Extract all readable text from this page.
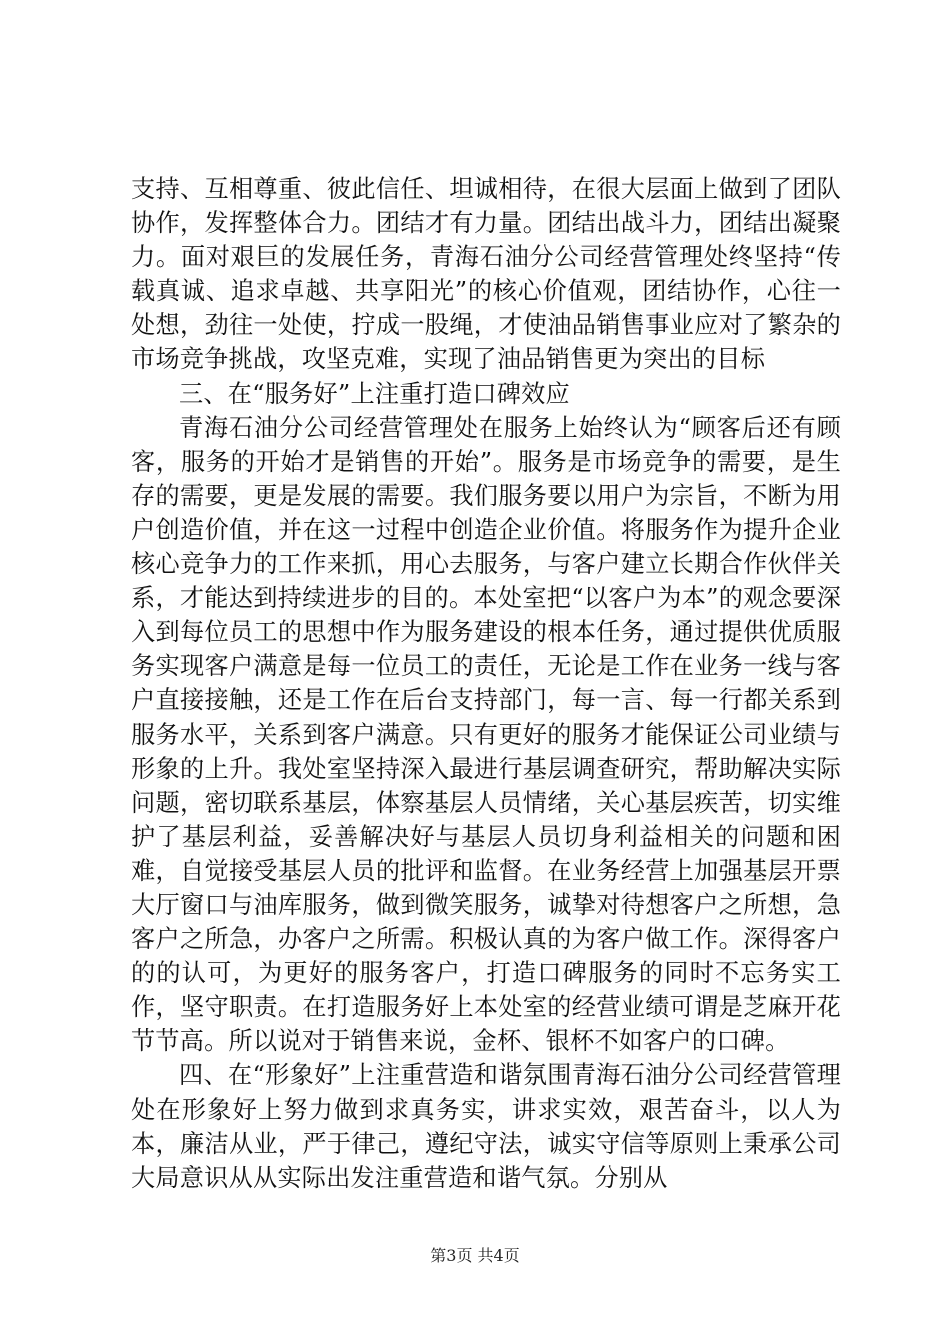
支持、互相尊重、彼此信任、坦诚相待，在很大层面上做到了团队协作，发挥整体合力。团结才有力量。团结出战斗力，团结出凝聚力。面对艰巨的发展任务，青海石油分公司经营管理处终坚持“传载真诚、追求卓越、共享阳光”的核心价值观，团结协作，心往一处想，劲往一处使，拧成一股绳，才使油品销售事业应对了繁杂的市场竞争挑战，攻坚克难，实现了油品销售更为突出的目标

三、在“服务好”上注重打造口碑效应

青海石油分公司经营管理处在服务上始终认为“顾客后还有顾客，服务的开始才是销售的开始”。服务是市场竞争的需要，是生存的需要，更是发展的需要。我们服务要以用户为宗旨，不断为用户创造价值，并在这一过程中创造企业价值。将服务作为提升企业核心竞争力的工作来抓，用心去服务，与客户建立长期合作伙伴关系，才能达到持续进步的目的。本处室把“以客户为本”的观念要深入到每位员工的思想中作为服务建设的根本任务，通过提供优质服务实现客户满意是每一位员工的责任，无论是工作在业务一线与客户直接接触，还是工作在后台支持部门，每一言、每一行都关系到服务水平，关系到客户满意。只有更好的服务才能保证公司业绩与形象的上升。我处室坚持深入最进行基层调查研究，帮助解决实际问题，密切联系基层，体察基层人员情绪，关心基层疾苦，切实维护了基层利益，妥善解决好与基层人员切身利益相关的问题和困难，自觉接受基层人员的批评和监督。在业务经营上加强基层开票大厅窗口与油库服务，做到微笑服务，诚挚对待想客户之所想，急客户之所急，办客户之所需。积极认真的为客户做工作。深得客户的的认可，为更好的服务客户，打造口碑服务的同时不忘务实工作，坚守职责。在打造服务好上本处室的经营业绩可谓是芝麻开花节节高。所以说对于销售来说，金杯、银杯不如客户的口碑。

四、在“形象好”上注重营造和谐氛围青海石油分公司经营管理处在形象好上努力做到求真务实，讲求实效，艰苦奋斗，以人为本，廉洁从业，严于律己，遵纪守法，诚实守信等原则上秉承公司大局意识从从实际出发注重营造和谐气氛。分别从

第3页 共4页
